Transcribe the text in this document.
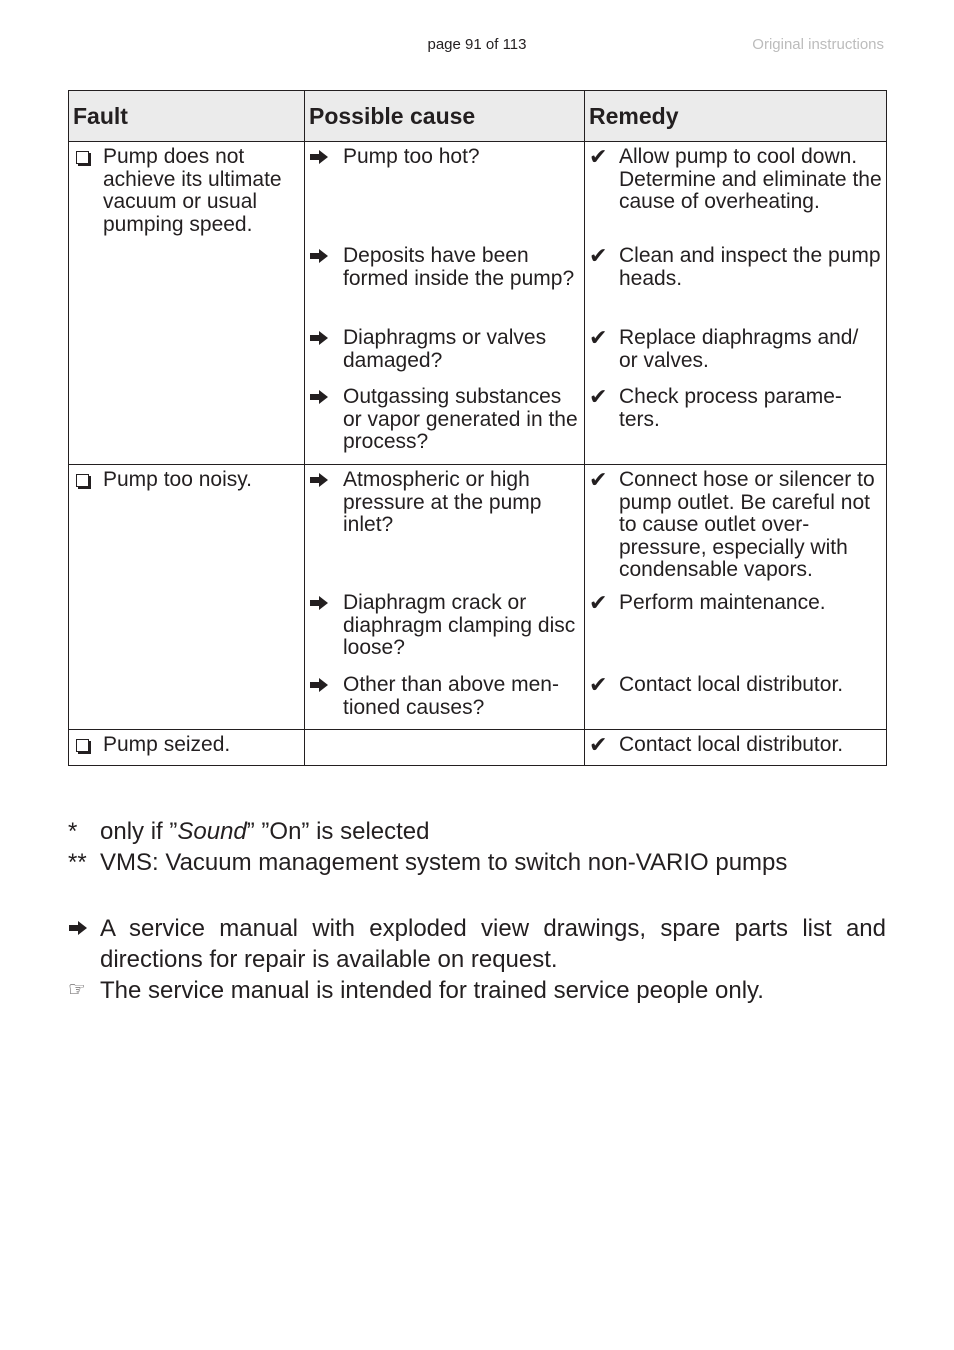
page 91 of 113	Original instructions
Fault	Possible cause	Remedy

Pump does not achieve its ultimate vacuum or usual pumping speed.	Pump too hot?	✔ Allow pump to cool down. Determine and eliminate the cause of overheating.

	Deposits have been formed inside the pump?	✔ Clean and inspect the pump heads.

	Diaphragms or valves damaged?	✔ Replace diaphragms and/ or valves.

	Outgassing substances or vapor generated in the process?	✔ Check process parame- ters.

Pump too noisy.	Atmospheric or high pressure at the pump inlet?	✔ Connect hose or silencer to pump outlet. Be careful not to cause outlet over- pressure, especially with condensable vapors.

	Diaphragm crack or diaphragm clamping disc loose?	✔ Perform maintenance.

	Other than above men- tioned causes?	✔ Contact local distributor.

Pump seized.		✔ Contact local distributor.
* only if ”Sound” ”On” is selected
** VMS: Vacuum management system to switch non-VARIO pumps
A service manual with exploded view drawings, spare parts list and directions for repair is available on request.
☞ The service manual is intended for trained service people only.
